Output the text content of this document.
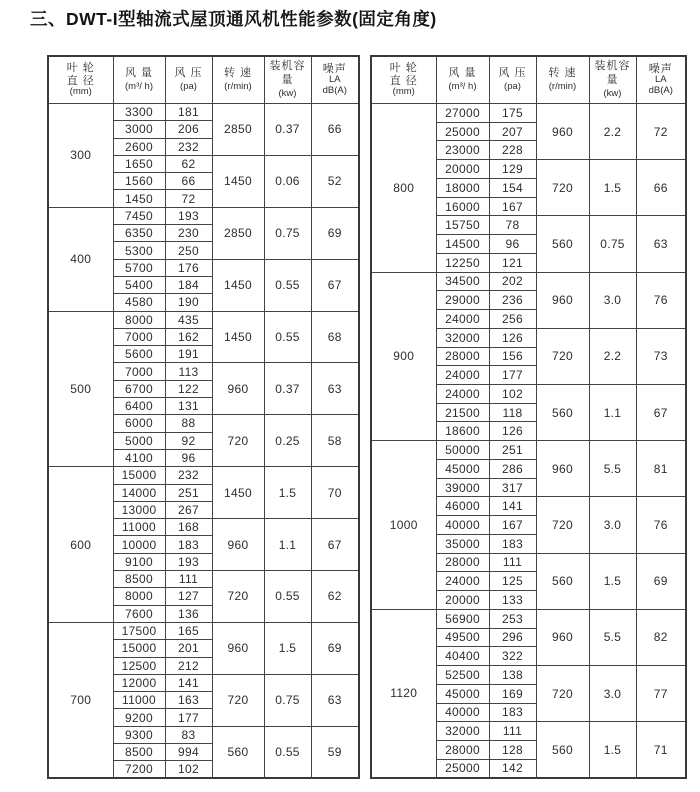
三、DWT-I型轴流式屋顶通风机性能参数(固定角度)
叶 轮
直 径
(mm)	风 量
(m³/ h)	风 压
(pa)	转 速
(r/min)	装机容量
(kw)	噪声
LA
dB(A)

300	3300	181	2850	0.37	66
	3000	206			
	2600	232			
	1650	62	1450	0.06	52
	1560	66			
	1450	72			
400	7450	193	2850	0.75	69
	6350	230			
	5300	250			
	5700	176	1450	0.55	67
	5400	184			
	4580	190			
500	8000	435	1450	0.55	68
	7000	162			
	5600	191			
	7000	113	960	0.37	63
	6700	122			
	6400	131			
	6000	88	720	0.25	58
	5000	92			
	4100	96			
600	15000	232	1450	1.5	70
	14000	251			
	13000	267			
	11000	168	960	1.1	67
	10000	183			
	9100	193			
	8500	111	720	0.55	62
	8000	127			
	7600	136			
700	17500	165	960	1.5	69
	15000	201			
	12500	212			
	12000	141	720	0.75	63
	11000	163			
	9200	177			
	9300	83	560	0.55	59
	8500	994			
	7200	102			
叶 轮
直 径
(mm)	风 量
(m³/ h)	风 压
(pa)	转 速
(r/min)	装机容量
(kw)	噪声
LA
dB(A)

800	27000	175	960	2.2	72
	25000	207			
	23000	228			
	20000	129	720	1.5	66
	18000	154			
	16000	167			
	15750	78	560	0.75	63
	14500	96			
	12250	121			
900	34500	202	960	3.0	76
	29000	236			
	24000	256			
	32000	126	720	2.2	73
	28000	156			
	24000	177			
	24000	102	560	1.1	67
	21500	118			
	18600	126			
1000	50000	251	960	5.5	81
	45000	286			
	39000	317			
	46000	141	720	3.0	76
	40000	167			
	35000	183			
	28000	111	560	1.5	69
	24000	125			
	20000	133			
1120	56900	253	960	5.5	82
	49500	296			
	40400	322			
	52500	138	720	3.0	77
	45000	169			
	40000	183			
	32000	111	560	1.5	71
	28000	128			
	25000	142			
